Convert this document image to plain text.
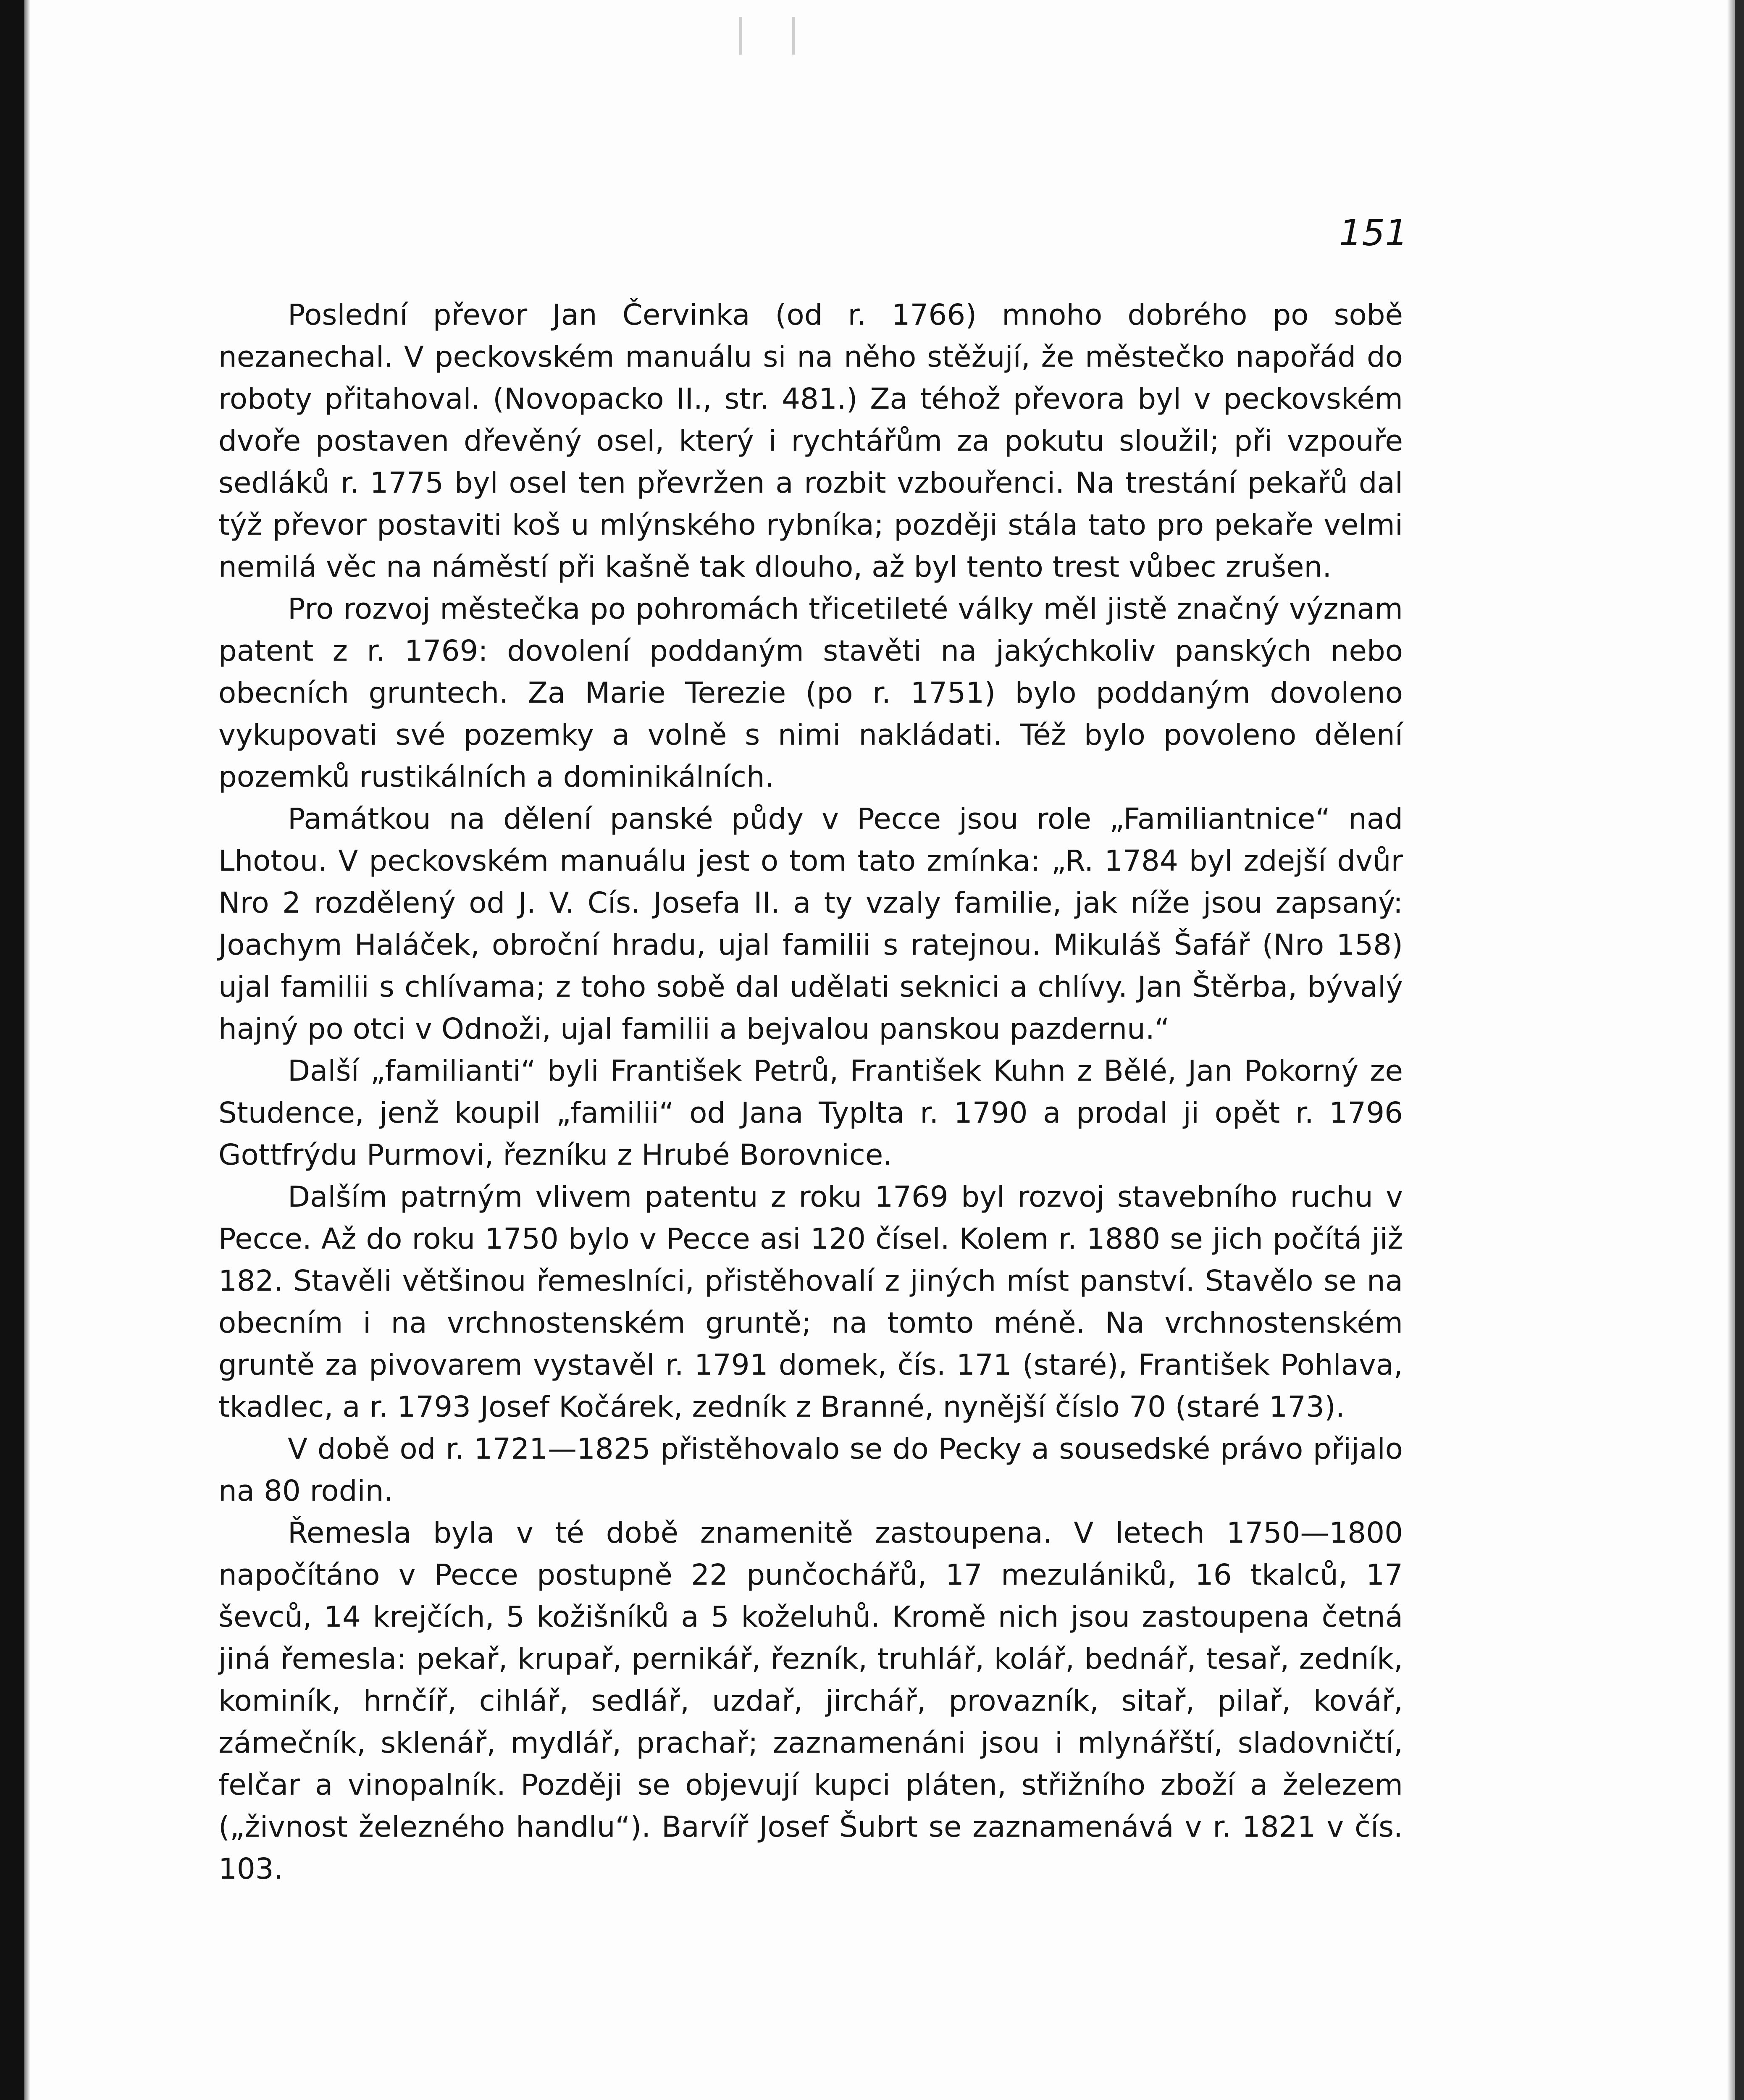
151

Poslední převor Jan Červinka (od r. 1766) mnoho dobrého po sobě nezanechal. V peckovském manuálu si na něho stěžují, že městečko napořád do roboty přitahoval. (Novopacko II., str. 481.) Za téhož převora byl v peckovském dvoře postaven dřevěný osel, který i rychtářům za pokutu sloužil; při vzpouře sedláků r. 1775 byl osel ten převržen a rozbit vzbouřenci. Na trestání pekařů dal týž převor postaviti koš u mlýnského rybníka; později stála tato pro pekaře velmi nemilá věc na náměstí při kašně tak dlouho, až byl tento trest vůbec zrušen.

Pro rozvoj městečka po pohromách třicetileté války měl jistě značný význam patent z r. 1769: dovolení poddaným stavěti na jakýchkoliv panských nebo obecních gruntech. Za Marie Terezie (po r. 1751) bylo poddaným dovoleno vykupovati své pozemky a volně s nimi nakládati. Též bylo povoleno dělení pozemků rustikálních a dominikálních.

Památkou na dělení panské půdy v Pecce jsou role „Familiantnice“ nad Lhotou. V peckovském manuálu jest o tom tato zmínka: „R. 1784 byl zdejší dvůr Nro 2 rozdělený od J. V. Cís. Josefa II. a ty vzaly familie, jak níže jsou zapsaný: Joachym Haláček, obroční hradu, ujal familii s ratejnou. Mikuláš Šafář (Nro 158) ujal familii s chlívama; z toho sobě dal udělati seknici a chlívy. Jan Štěrba, bývalý hajný po otci v Odnoži, ujal familii a bejvalou panskou pazdernu.“

Další „familianti“ byli František Petrů, František Kuhn z Bělé, Jan Pokorný ze Studence, jenž koupil „familii“ od Jana Typlta r. 1790 a prodal ji opět r. 1796 Gottfrýdu Purmovi, řezníku z Hrubé Borovnice.

Dalším patrným vlivem patentu z roku 1769 byl rozvoj stavebního ruchu v Pecce. Až do roku 1750 bylo v Pecce asi 120 čísel. Kolem r. 1880 se jich počítá již 182. Stavěli většinou řemeslníci, přistěhovalí z jiných míst panství. Stavělo se na obecním i na vrchnostenském gruntě; na tomto méně. Na vrchnostenském gruntě za pivovarem vystavěl r. 1791 domek, čís. 171 (staré), František Pohlava, tkadlec, a r. 1793 Josef Kočárek, zedník z Branné, nynější číslo 70 (staré 173).

V době od r. 1721—1825 přistěhovalo se do Pecky a sousedské právo přijalo na 80 rodin.

Řemesla byla v té době znamenitě zastoupena. V letech 1750—1800 napočítáno v Pecce postupně 22 punčochářů, 17 mezulániků, 16 tkalců, 17 ševců, 14 krejčích, 5 kožišníků a 5 koželuhů. Kromě nich jsou zastoupena četná jiná řemesla: pekař, krupař, pernikář, řezník, truhlář, kolář, bednář, tesař, zedník, kominík, hrnčíř, cihlář, sedlář, uzdař, jirchář, provazník, sitař, pilař, kovář, zámečník, sklenář, mydlář, prachař; zaznamenáni jsou i mlynářští, sladovničtí, felčar a vinopalník. Později se objevují kupci pláten, střižního zboží a železem („živnost železného handlu“). Barvíř Josef Šubrt se zaznamenává v r. 1821 v čís. 103.
